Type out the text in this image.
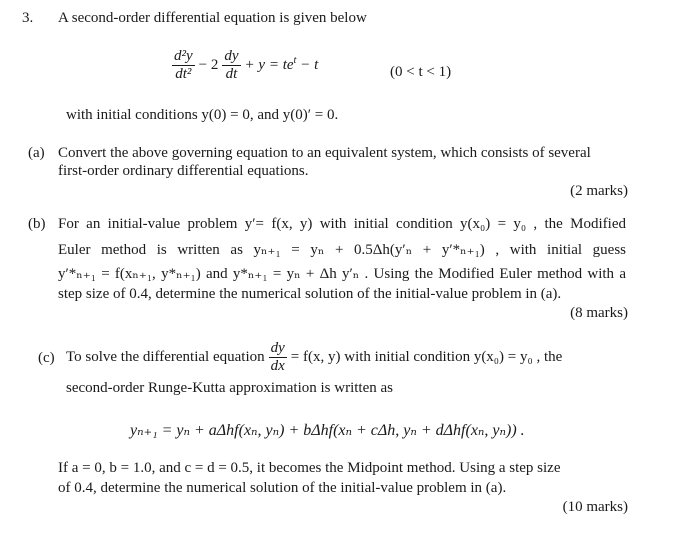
3. A second-order differential equation is given below
$\frac{\text{d²y}}{\text{dt²}} - 2 \frac{dy}{dt} + y = te^t - t$	(0 < t < 1)
with initial conditions y(0) = 0, and y(0)′ = 0.
(a) Convert the above governing equation to an equivalent system, which consists of several
first-order ordinary differential equations.
(2 marks)
(b) For an initial-value problem y′= f(x, y) with initial condition y(x₀) = y₀ , the Modified
Euler method is written as yₙ₊₁ = yₙ + 0.5Δh(y′ₙ + y′*ₙ₊₁) , with initial guess
y′*ₙ₊₁ = f(xₙ₊₁, y*ₙ₊₁) and y*ₙ₊₁ = yₙ + Δh y′ₙ . Using the Modified Euler method with a
step size of 0.4, determine the numerical solution of the initial-value problem in (a).
(8 marks)
(c) To solve the differential equation $\frac{dy}{dx} = f(x$, y) with initial condition y(x₀) = y₀ , the
second-order Runge-Kutta approximation is written as
yₙ₊₁ = yₙ + aΔhf(xₙ, yₙ) + bΔhf(xₙ + cΔh, yₙ + dΔhf(xₙ, yₙ)) .
If a = 0, b = 1.0, and c = d = 0.5, it becomes the Midpoint method. Using a step size
of 0.4, determine the numerical solution of the initial-value problem in (a).
(10 marks)
